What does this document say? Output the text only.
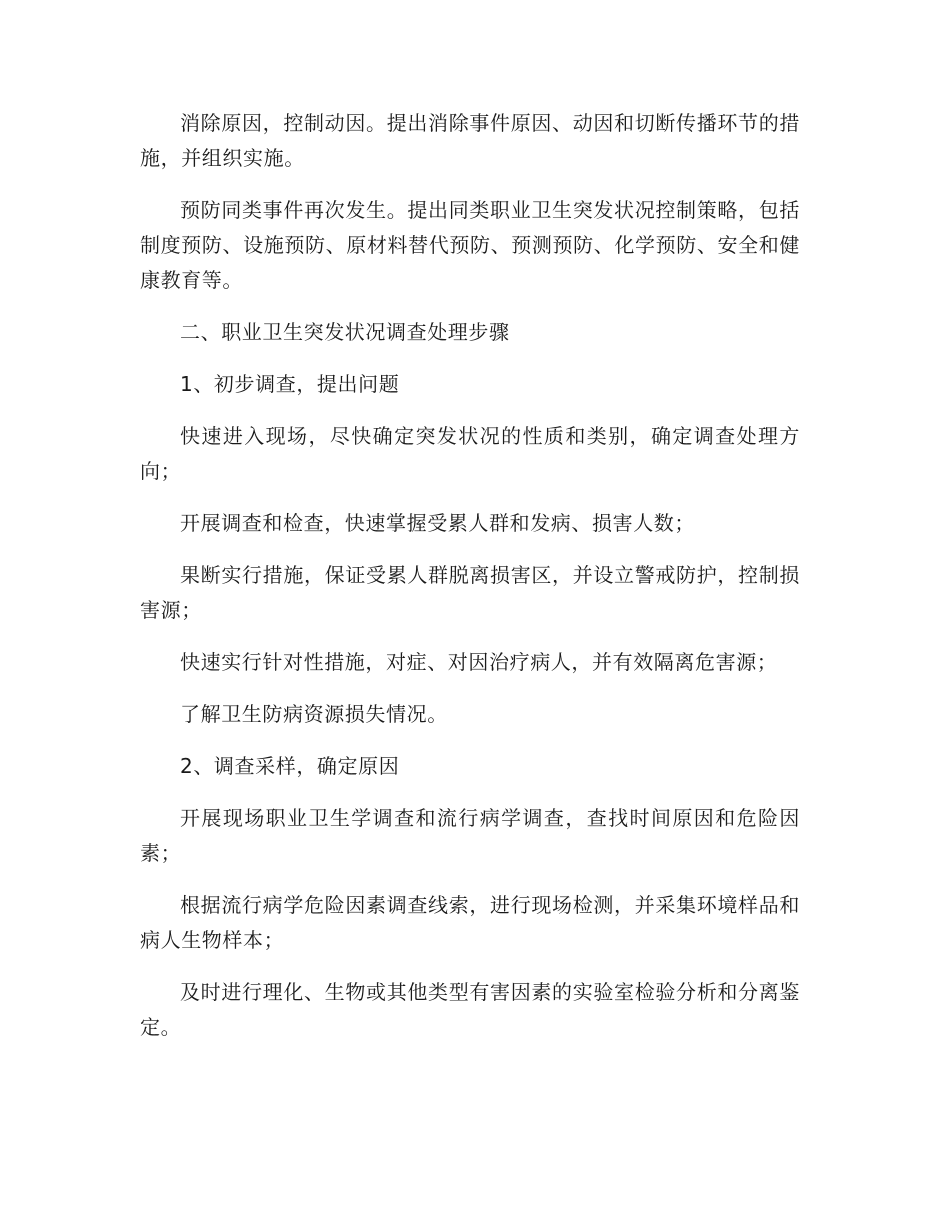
消除原因，控制动因。提出消除事件原因、动因和切断传播环节的措施，并组织实施。

预防同类事件再次发生。提出同类职业卫生突发状况控制策略，包括制度预防、设施预防、原材料替代预防、预测预防、化学预防、安全和健康教育等。

二、职业卫生突发状况调查处理步骤

1、初步调查，提出问题

快速进入现场，尽快确定突发状况的性质和类别，确定调查处理方向；

开展调查和检查，快速掌握受累人群和发病、损害人数；

果断实行措施，保证受累人群脱离损害区，并设立警戒防护，控制损害源；

快速实行针对性措施，对症、对因治疗病人，并有效隔离危害源；

了解卫生防病资源损失情况。

2、调查采样，确定原因

开展现场职业卫生学调查和流行病学调查，查找时间原因和危险因素；

根据流行病学危险因素调查线索，进行现场检测，并采集环境样品和病人生物样本；

及时进行理化、生物或其他类型有害因素的实验室检验分析和分离鉴定。
